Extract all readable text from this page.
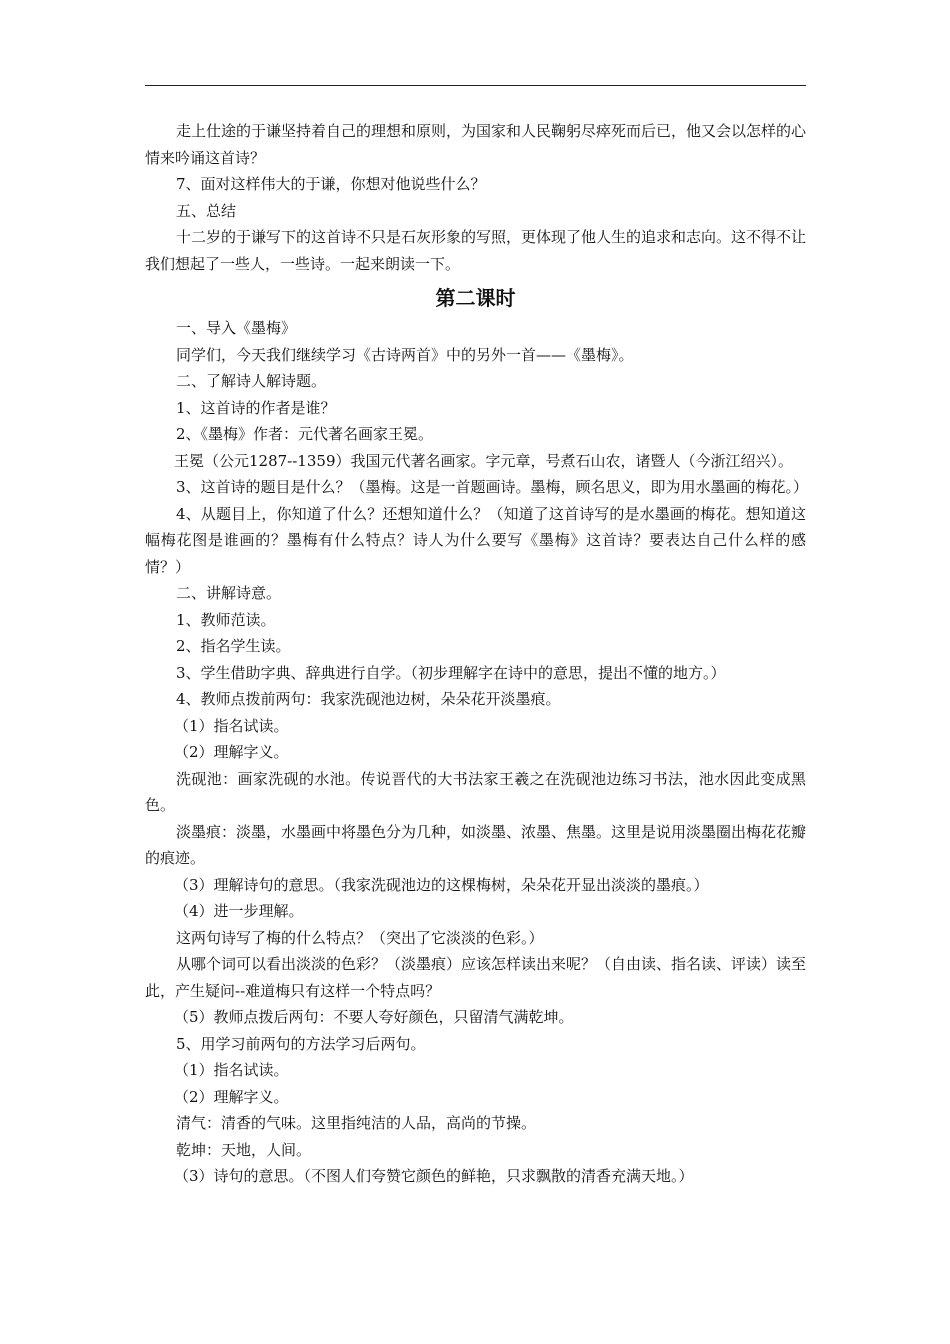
走上仕途的于谦坚持着自己的理想和原则，为国家和人民鞠躬尽瘁死而后已，他又会以怎样的心情来吟诵这首诗？

7、面对这样伟大的于谦，你想对他说些什么？

五、总结

十二岁的于谦写下的这首诗不只是石灰形象的写照，更体现了他人生的追求和志向。这不得不让我们想起了一些人，一些诗。一起来朗读一下。

第二课时

一、导入《墨梅》

同学们，今天我们继续学习《古诗两首》中的另外一首——《墨梅》。

二、了解诗人解诗题。

1、这首诗的作者是谁？

2、《墨梅》作者：元代著名画家王冕。

王冕（公元1287--1359）我国元代著名画家。字元章，号煮石山农，诸暨人（今浙江绍兴）。

3、这首诗的题目是什么？（墨梅。这是一首题画诗。墨梅，顾名思义，即为用水墨画的梅花。）

4、从题目上，你知道了什么？还想知道什么？（知道了这首诗写的是水墨画的梅花。想知道这幅梅花图是谁画的？墨梅有什么特点？诗人为什么要写《墨梅》这首诗？要表达自己什么样的感情？）

二、讲解诗意。

1、教师范读。

2、指名学生读。

3、学生借助字典、辞典进行自学。（初步理解字在诗中的意思，提出不懂的地方。）

4、教师点拨前两句：我家洗砚池边树，朵朵花开淡墨痕。

（1）指名试读。

（2）理解字义。

洗砚池：画家洗砚的水池。传说晋代的大书法家王羲之在洗砚池边练习书法，池水因此变成黑色。

淡墨痕：淡墨，水墨画中将墨色分为几种，如淡墨、浓墨、焦墨。这里是说用淡墨圈出梅花花瓣的痕迹。

（3）理解诗句的意思。（我家洗砚池边的这棵梅树，朵朵花开显出淡淡的墨痕。）

（4）进一步理解。

这两句诗写了梅的什么特点？（突出了它淡淡的色彩。）

从哪个词可以看出淡淡的色彩？（淡墨痕）应该怎样读出来呢？（自由读、指名读、评读）读至此，产生疑问--难道梅只有这样一个特点吗？

（5）教师点拨后两句：不要人夸好颜色，只留清气满乾坤。

5、用学习前两句的方法学习后两句。

（1）指名试读。

（2）理解字义。

清气：清香的气味。这里指纯洁的人品，高尚的节操。

乾坤：天地，人间。

（3）诗句的意思。（不图人们夸赞它颜色的鲜艳，只求飘散的清香充满天地。）
